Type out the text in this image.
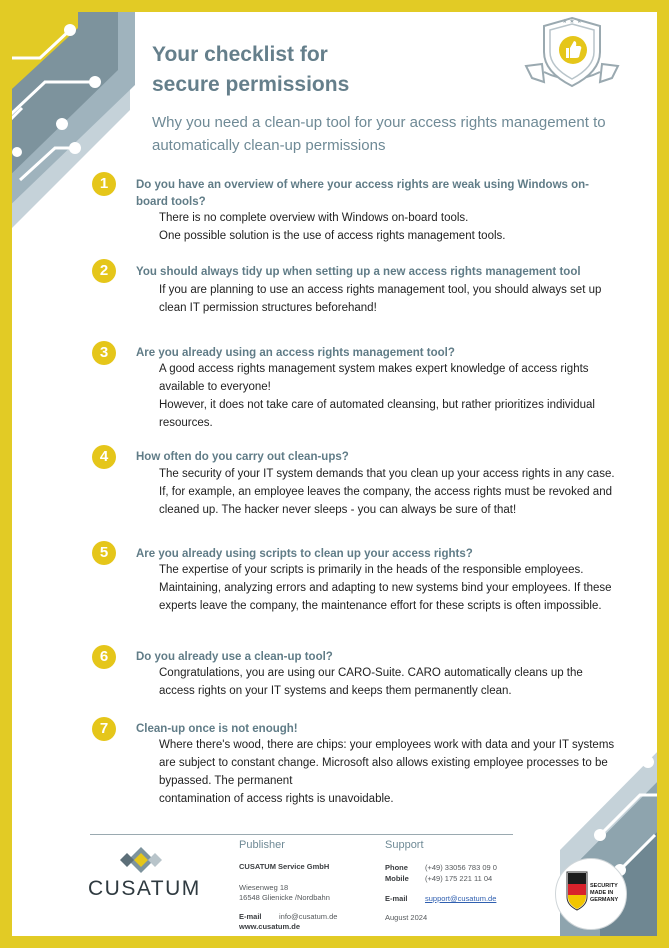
Your checklist for
secure permissions
Why you need a clean-up tool for your access rights management to automatically clean-up permissions
★ ★ ★
1	Do you have an overview of where your access rights are weak using Windows on-board tools?
There is no complete overview with Windows on-board tools.
One possible solution is the use of access rights management tools.
2	You should always tidy up when setting up a new access rights management tool
If you are planning to use an access rights management tool, you should always set up clean IT permission structures beforehand!
3	Are you already using an access rights management tool?
A good access rights management system makes expert knowledge of access rights available to everyone!
However, it does not take care of automated cleansing, but rather prioritizes individual resources.
4	How often do you carry out clean-ups?
The security of your IT system demands that you clean up your access rights in any case. If, for example, an employee leaves the company, the access rights must be revoked and cleaned up. The hacker never sleeps - you can always be sure of that!
5	Are you already using scripts to clean up your access rights?
The expertise of your scripts is primarily in the heads of the responsible employees. Maintaining, analyzing errors and adapting to new systems bind your employees. If these experts leave the company, the maintenance effort for these scripts is often impossible.
6	Do you already use a clean-up tool?
Congratulations, you are using our CARO-Suite. CARO automatically cleans up the access rights on your IT systems and keeps them permanently clean.
7	Clean-up once is not enough!
Where there's wood, there are chips: your employees work with data and your IT systems are subject to constant change. Microsoft also allows existing employee processes to be bypassed. The permanent
contamination of access rights is unavoidable.
CUSATUM
Publisher
CUSATUM Service GmbH
Wiesenweg 18
16548 Glienicke /Nordbahn
E-mail info@cusatum.de
www.cusatum.de
Support
Phone (+49) 33056 783 09 0
Mobile (+49) 175 221 11 04
E-mail support@cusatum.de
August 2024
SECURITY
MADE IN
GERMANY
